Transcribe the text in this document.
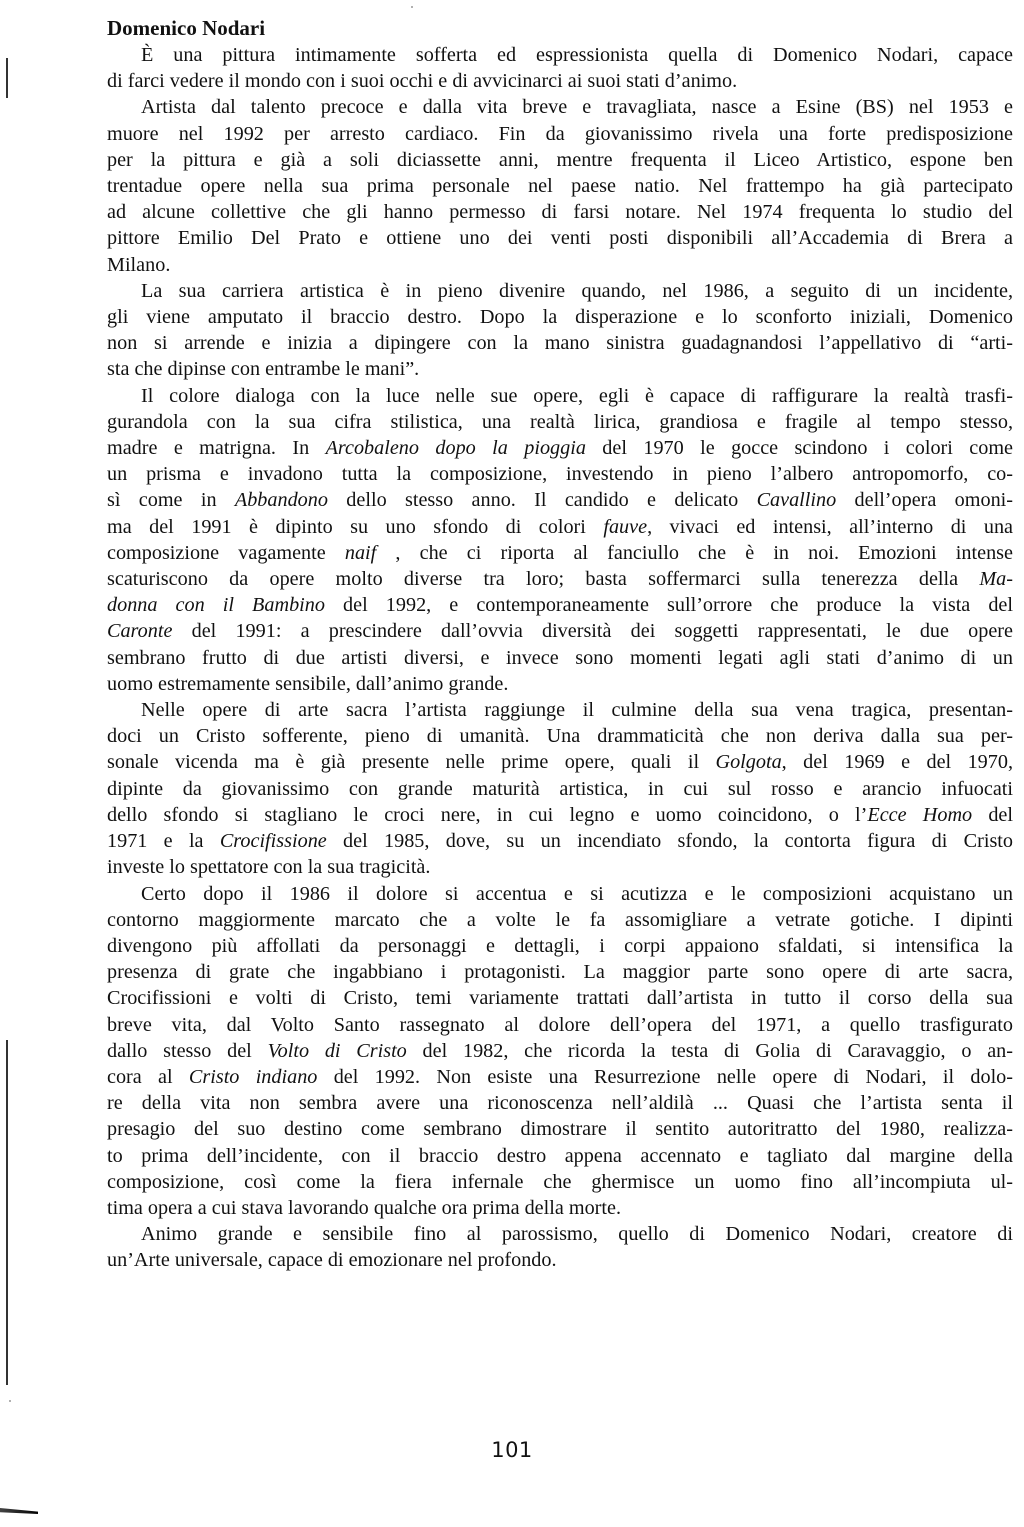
Domenico Nodari

È una pittura intimamente sofferta ed espressionista quella di Domenico Nodari, capace
di farci vedere il mondo con i suoi occhi e di avvicinarci ai suoi stati d’animo.

Artista dal talento precoce e dalla vita breve e travagliata, nasce a Esine (BS) nel 1953 e
muore nel 1992 per arresto cardiaco. Fin da giovanissimo rivela una forte predisposizione
per la pittura e già a soli diciassette anni, mentre frequenta il Liceo Artistico, espone ben
trentadue opere nella sua prima personale nel paese natio. Nel frattempo ha già partecipato
ad alcune collettive che gli hanno permesso di farsi notare. Nel 1974 frequenta lo studio del
pittore Emilio Del Prato e ottiene uno dei venti posti disponibili all’Accademia di Brera a
Milano.

La sua carriera artistica è in pieno divenire quando, nel 1986, a seguito di un incidente,
gli viene amputato il braccio destro. Dopo la disperazione e lo sconforto iniziali, Domenico
non si arrende e inizia a dipingere con la mano sinistra guadagnandosi l’appellativo di “arti-
sta che dipinse con entrambe le mani”.

Il colore dialoga con la luce nelle sue opere, egli è capace di raffigurare la realtà trasfi-
gurandola con la sua cifra stilistica, una realtà lirica, grandiosa e fragile al tempo stesso,
madre e matrigna. In Arcobaleno dopo la pioggia del 1970 le gocce scindono i colori come
un prisma e invadono tutta la composizione, investendo in pieno l’albero antropomorfo, co-
sì come in Abbandono dello stesso anno. Il candido e delicato Cavallino dell’opera omoni-
ma del 1991 è dipinto su uno sfondo di colori fauve, vivaci ed intensi, all’interno di una
composizione vagamente naif , che ci riporta al fanciullo che è in noi. Emozioni intense
scaturiscono da opere molto diverse tra loro; basta soffermarci sulla tenerezza della Ma-
donna con il Bambino del 1992, e contemporaneamente sull’orrore che produce la vista del
Caronte del 1991: a prescindere dall’ovvia diversità dei soggetti rappresentati, le due opere
sembrano frutto di due artisti diversi, e invece sono momenti legati agli stati d’animo di un
uomo estremamente sensibile, dall’animo grande.

Nelle opere di arte sacra l’artista raggiunge il culmine della sua vena tragica, presentan-
doci un Cristo sofferente, pieno di umanità. Una drammaticità che non deriva dalla sua per-
sonale vicenda ma è già presente nelle prime opere, quali il Golgota, del 1969 e del 1970,
dipinte da giovanissimo con grande maturità artistica, in cui sul rosso e arancio infuocati
dello sfondo si stagliano le croci nere, in cui legno e uomo coincidono, o l’Ecce Homo del
1971 e la Crocifissione del 1985, dove, su un incendiato sfondo, la contorta figura di Cristo
investe lo spettatore con la sua tragicità.

Certo dopo il 1986 il dolore si accentua e si acutizza e le composizioni acquistano un
contorno maggiormente marcato che a volte le fa assomigliare a vetrate gotiche. I dipinti
divengono più affollati da personaggi e dettagli, i corpi appaiono sfaldati, si intensifica la
presenza di grate che ingabbiano i protagonisti. La maggior parte sono opere di arte sacra,
Crocifissioni e volti di Cristo, temi variamente trattati dall’artista in tutto il corso della sua
breve vita, dal Volto Santo rassegnato al dolore dell’opera del 1971, a quello trasfigurato
dallo stesso del Volto di Cristo del 1982, che ricorda la testa di Golia di Caravaggio, o an-
cora al Cristo indiano del 1992. Non esiste una Resurrezione nelle opere di Nodari, il dolo-
re della vita non sembra avere una riconoscenza nell’aldilà ... Quasi che l’artista senta il
presagio del suo destino come sembrano dimostrare il sentito autoritratto del 1980, realizza-
to prima dell’incidente, con il braccio destro appena accennato e tagliato dal margine della
composizione, così come la fiera infernale che ghermisce un uomo fino all’incompiuta ul-
tima opera a cui stava lavorando qualche ora prima della morte.

Animo grande e sensibile fino al parossismo, quello di Domenico Nodari, creatore di
un’Arte universale, capace di emozionare nel profondo.

101
